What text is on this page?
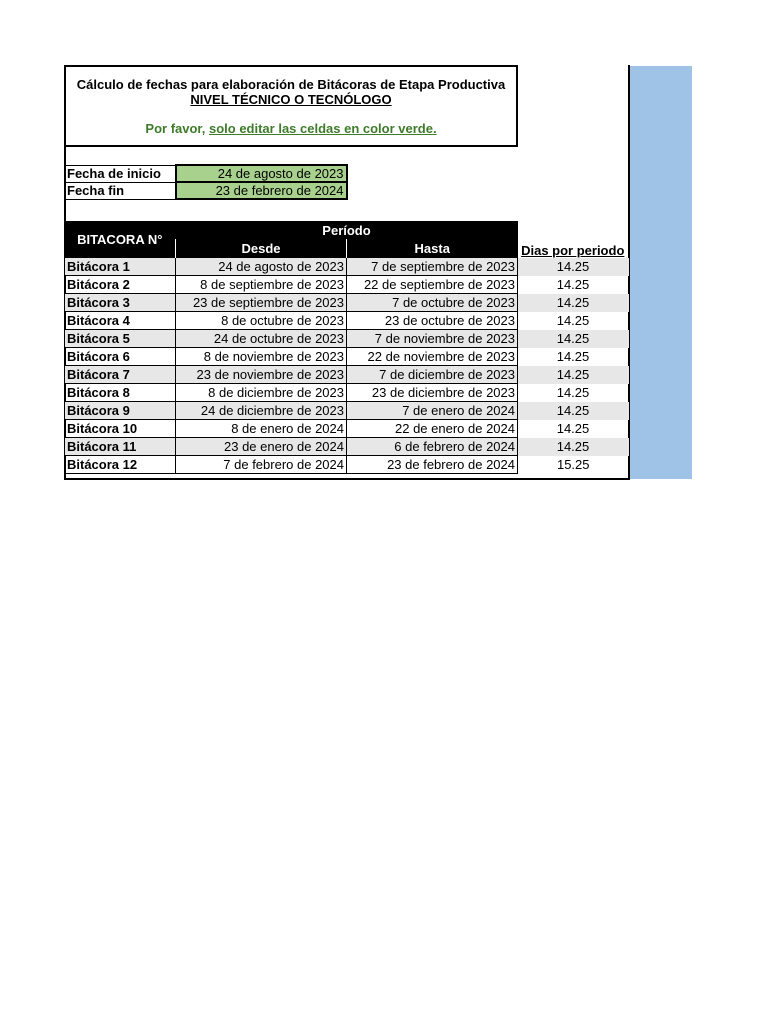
Cálculo de fechas para elaboración de Bitácoras de Etapa Productiva
NIVEL TÉCNICO O TECNÓLOGO
Por favor, solo editar las celdas en color verde.
Fecha de inicio	24 de agosto de 2023
Fecha fin	23 de febrero de 2024
BITACORA N°	Período		
	Desde	Hasta	Dias por periodo
Bitácora 1	24 de agosto de 2023	7 de septiembre de 2023	14.25
Bitácora 2	8 de septiembre de 2023	22 de septiembre de 2023	14.25
Bitácora 3	23 de septiembre de 2023	7 de octubre de 2023	14.25
Bitácora 4	8 de octubre de 2023	23 de octubre de 2023	14.25
Bitácora 5	24 de octubre de 2023	7 de noviembre de 2023	14.25
Bitácora 6	8 de noviembre de 2023	22 de noviembre de 2023	14.25
Bitácora 7	23 de noviembre de 2023	7 de diciembre de 2023	14.25
Bitácora 8	8 de diciembre de 2023	23 de diciembre de 2023	14.25
Bitácora 9	24 de diciembre de 2023	7 de enero de 2024	14.25
Bitácora 10	8 de enero de 2024	22 de enero de 2024	14.25
Bitácora 11	23 de enero de 2024	6 de febrero de 2024	14.25
Bitácora 12	7 de febrero de 2024	23 de febrero de 2024	15.25
